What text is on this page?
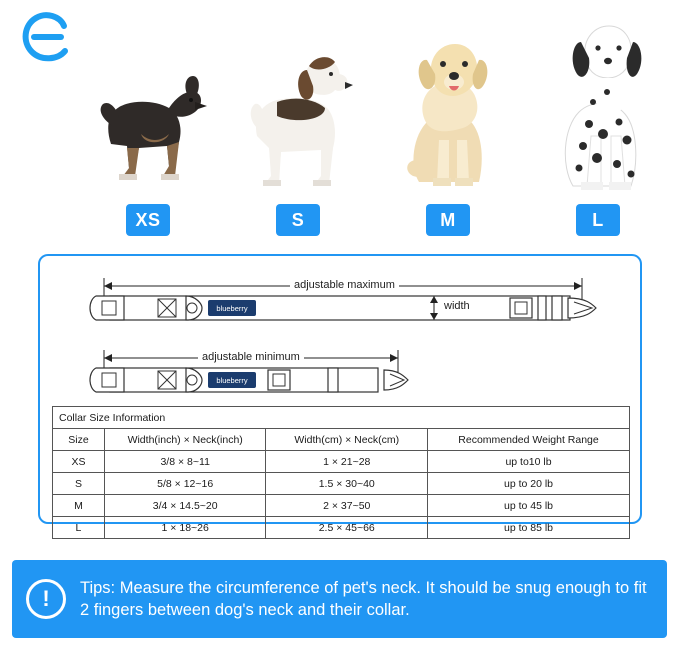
XS	S	M	L
blueberry
blueberry
adjustable maximum
width
adjustable minimum
Collar Size Information			
Size	Width(inch) × Neck(inch)	Width(cm) × Neck(cm)	Recommended Weight Range
XS	3/8 × 8~11	1 × 21~28	up to10 lb
S	5/8 × 12~16	1.5 × 30~40	up to 20 lb
M	3/4 × 14.5~20	2 × 37~50	up to 45 lb
L	1 × 18~26	2.5 × 45~66	up to 85 lb
!	Tips: Measure the circumference of pet's neck. It should be snug enough to fit 2 fingers between dog's neck and their collar.
